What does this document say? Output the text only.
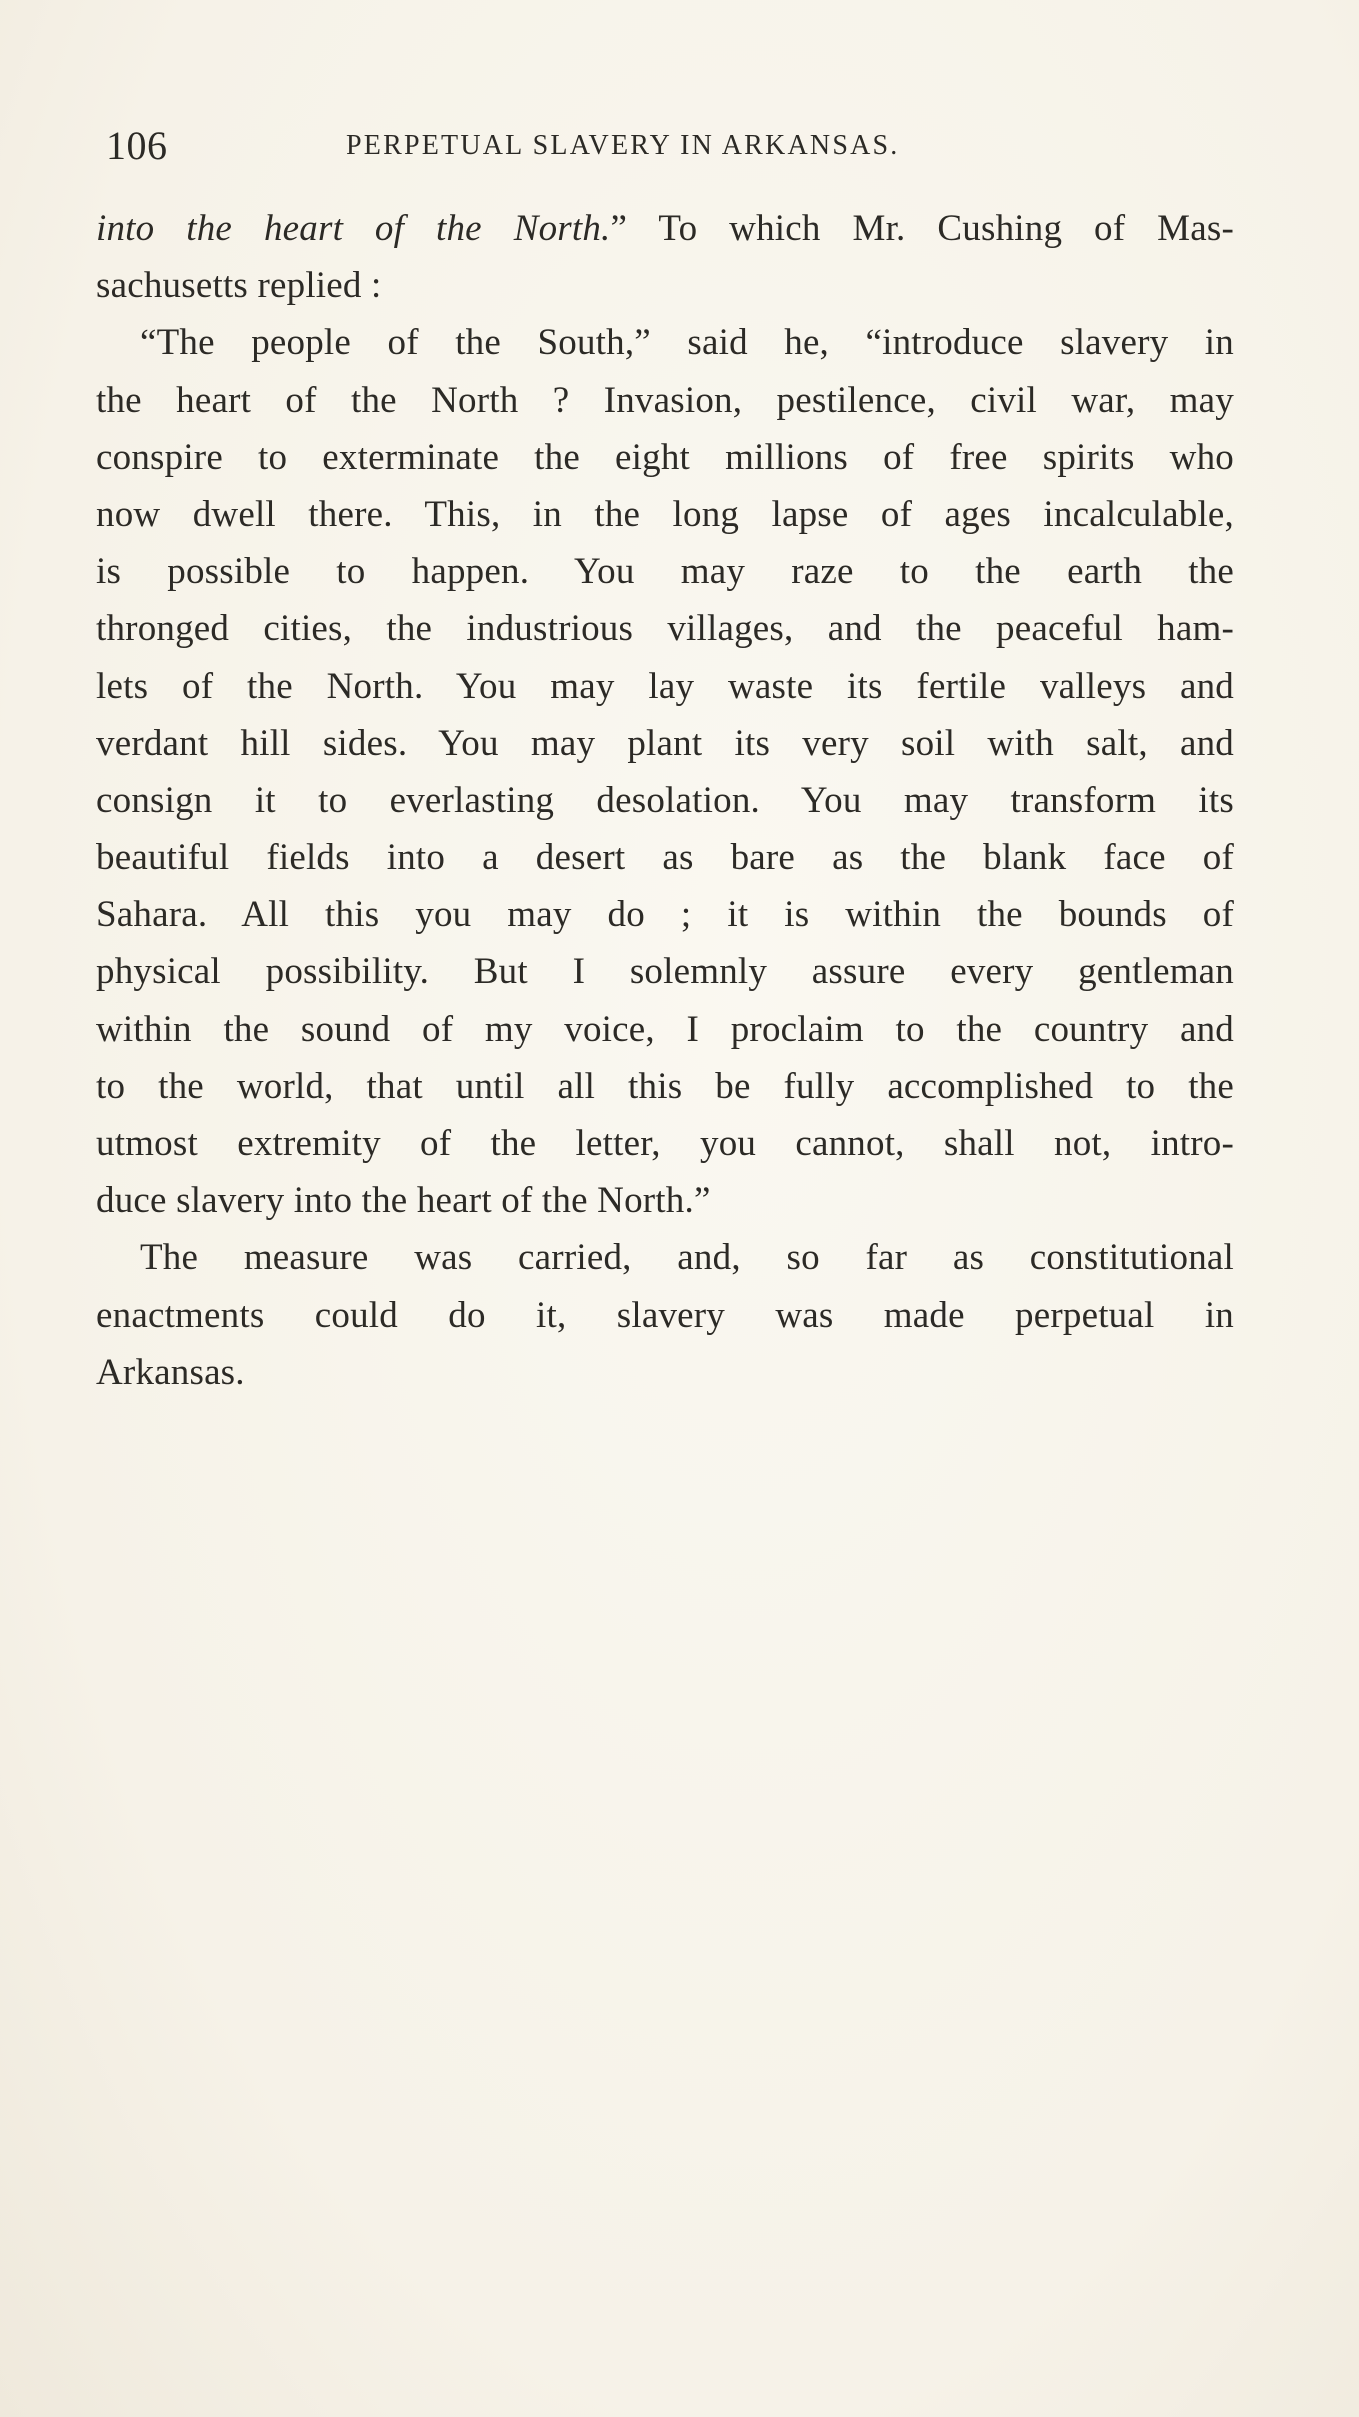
106	PERPETUAL SLAVERY IN ARKANSAS.
into the heart of the North.” To which Mr. Cushing of Mas-
sachusetts replied :
“The people of the South,” said he, “introduce slavery in
the heart of the North ? Invasion, pestilence, civil war, may
conspire to exterminate the eight millions of free spirits who
now dwell there. This, in the long lapse of ages incalculable,
is possible to happen. You may raze to the earth the
thronged cities, the industrious villages, and the peaceful ham-
lets of the North. You may lay waste its fertile valleys and
verdant hill sides. You may plant its very soil with salt, and
consign it to everlasting desolation. You may transform its
beautiful fields into a desert as bare as the blank face of
Sahara. All this you may do ; it is within the bounds of
physical possibility. But I solemnly assure every gentleman
within the sound of my voice, I proclaim to the country and
to the world, that until all this be fully accomplished to the
utmost extremity of the letter, you cannot, shall not, intro-
duce slavery into the heart of the North.”
The measure was carried, and, so far as constitutional
enactments could do it, slavery was made perpetual in
Arkansas.
